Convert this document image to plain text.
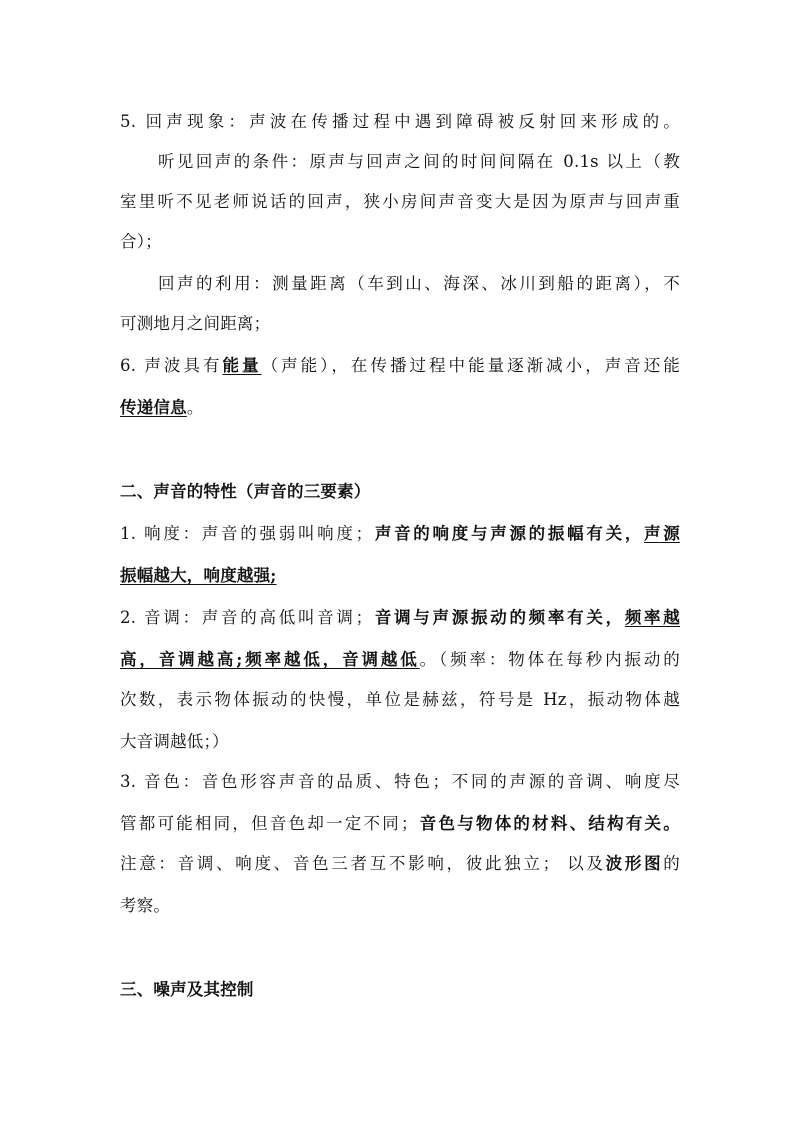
5. 回声现象：声波在传播过程中遇到障碍被反射回来形成的。
听见回声的条件：原声与回声之间的时间间隔在 0.1s 以上（教
室里听不见老师说话的回声，狭小房间声音变大是因为原声与回声重
合）；
回声的利用：测量距离（车到山、海深、冰川到船的距离），不
可测地月之间距离；
6. 声波具有能量（声能），在传播过程中能量逐渐减小，声音还能
传递信息。
二、声音的特性（声音的三要素）
1. 响度：声音的强弱叫响度；声音的响度与声源的振幅有关，声源
振幅越大，响度越强;
2. 音调：声音的高低叫音调；音调与声源振动的频率有关，频率越
高，音调越高;频率越低，音调越低。（频率：物体在每秒内振动的
次数，表示物体振动的快慢，单位是赫兹，符号是 Hz，振动物体越
大音调越低；）
3. 音色：音色形容声音的品质、特色；不同的声源的音调、响度尽
管都可能相同，但音色却一定不同；音色与物体的材料、结构有关。
注意：音调、响度、音色三者互不影响，彼此独立； 以及波形图的
考察。
三、噪声及其控制
